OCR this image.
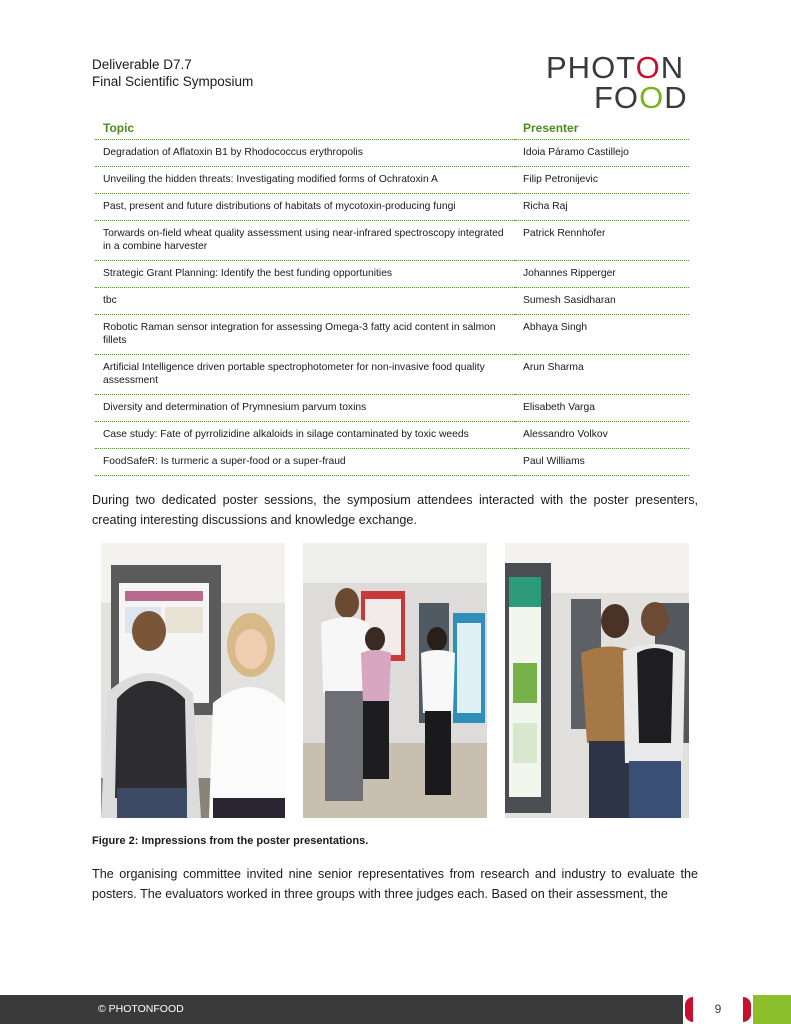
Deliverable D7.7
Final Scientific Symposium	PHOTON
FOOD
Topic	Presenter
Degradation of Aflatoxin B1 by Rhodococcus erythropolis	Idoia Páramo Castillejo
Unveiling the hidden threats: Investigating modified forms of Ochratoxin A	Filip Petronijevic
Past, present and future distributions of habitats of mycotoxin-producing fungi	Richa Raj
Torwards on-field wheat quality assessment using near-infrared spectroscopy integrated in a combine harvester	Patrick Rennhofer
Strategic Grant Planning: Identify the best funding opportunities	Johannes Ripperger
tbc	Sumesh Sasidharan
Robotic Raman sensor integration for assessing Omega-3 fatty acid content in salmon fillets	Abhaya Singh
Artificial Intelligence driven portable spectrophotometer for non-invasive food quality assessment	Arun Sharma
Diversity and determination of Prymnesium parvum toxins	Elisabeth Varga
Case study: Fate of pyrrolizidine alkaloids in silage contaminated by toxic weeds	Alessandro Volkov
FoodSafeR: Is turmeric a super-food or a super-fraud	Paul Williams

During two dedicated poster sessions, the symposium attendees interacted with the poster presenters, creating interesting discussions and knowledge exchange.

Figure 2: Impressions from the poster presentations.

The organising committee invited nine senior representatives from research and industry to evaluate the posters. The evaluators worked in three groups with three judges each. Based on their assessment, the

© PHOTONFOOD	9
